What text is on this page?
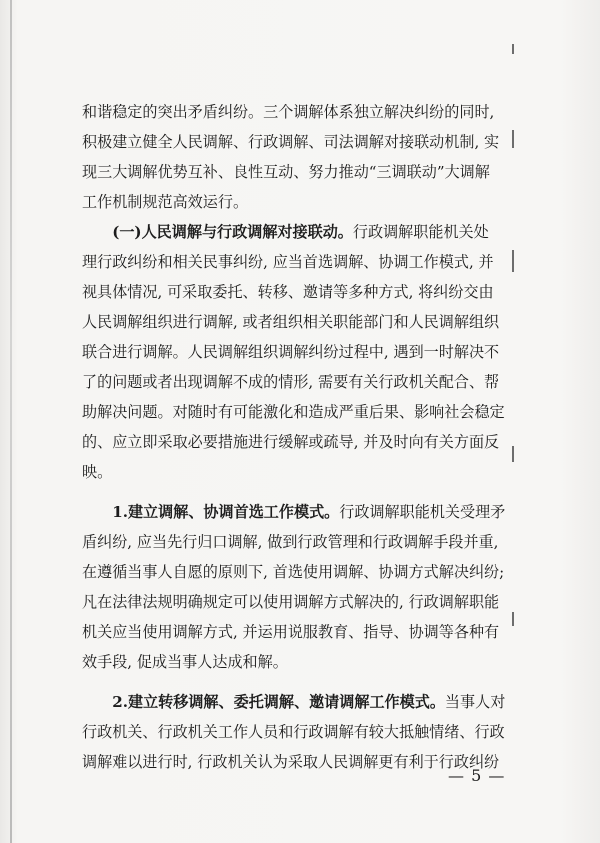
和谐稳定的突出矛盾纠纷。三个调解体系独立解决纠纷的同时,

积极建立健全人民调解、行政调解、司法调解对接联动机制, 实

现三大调解优势互补、良性互动、努力推动“三调联动”大调解

工作机制规范高效运行。

(一)人民调解与行政调解对接联动。行政调解职能机关处

理行政纠纷和相关民事纠纷, 应当首选调解、协调工作模式, 并

视具体情况, 可采取委托、转移、邀请等多种方式, 将纠纷交由

人民调解组织进行调解, 或者组织相关职能部门和人民调解组织

联合进行调解。人民调解组织调解纠纷过程中, 遇到一时解决不

了的问题或者出现调解不成的情形, 需要有关行政机关配合、帮

助解决问题。对随时有可能激化和造成严重后果、影响社会稳定

的、应立即采取必要措施进行缓解或疏导, 并及时向有关方面反

映。

1.建立调解、协调首选工作模式。行政调解职能机关受理矛

盾纠纷, 应当先行归口调解, 做到行政管理和行政调解手段并重,

在遵循当事人自愿的原则下, 首选使用调解、协调方式解决纠纷;

凡在法律法规明确规定可以使用调解方式解决的, 行政调解职能

机关应当使用调解方式, 并运用说服教育、指导、协调等各种有

效手段, 促成当事人达成和解。

2.建立转移调解、委托调解、邀请调解工作模式。当事人对

行政机关、行政机关工作人员和行政调解有较大抵触情绪、行政

调解难以进行时, 行政机关认为采取人民调解更有利于行政纠纷

— 5 —
